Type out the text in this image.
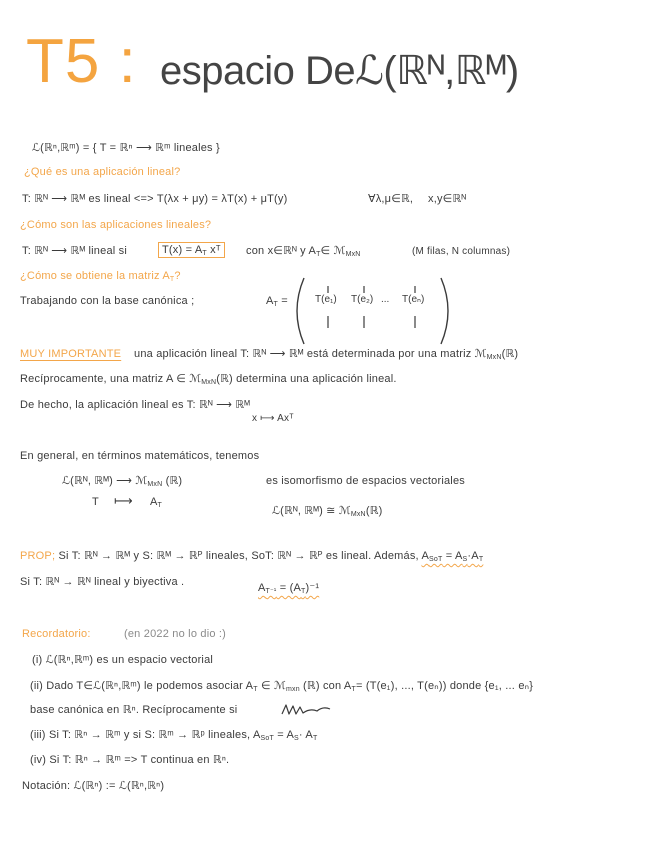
T5 : espacio Deℒ(ℝᴺ,ℝᴹ)
ℒ(ℝⁿ,ℝᵐ) = { T = ℝⁿ ⟶ ℝᵐ lineales }
¿Qué es una aplicación lineal?
T: ℝᴺ ⟶ ℝᴹ es lineal <=> T(λx + μy) = λT(x) + μT(y)	∀λ,μ∈ℝ, x,y∈ℝᴺ
¿Cómo son las aplicaciones lineales?
T: ℝᴺ ⟶ ℝᴹ lineal si	$T(x) = A_T$ xᵀ	con x∈ℝᴺ y $A_T\in$ ℳ$_{MxN}$	(M filas, N columnas)
¿Cómo se obtiene la matriz $A_T$?
Trabajando con la base canónica ;	$A_T$ =	T(e₁) T(e₂) ... T(eₙ)
MUY IMPORTANTE una aplicación lineal T: ℝᴺ ⟶ ℝᴹ está determinada por una matriz ℳ$_{MxN}$(ℝ)
Recíprocamente, una matriz A ∈ ℳ$_{MxN}$(ℝ) determina una aplicación lineal.
De hecho, la aplicación lineal es T: ℝᴺ ⟶ ℝᴹ
x ⟼ Axᵀ
En general, en términos matemáticos, tenemos
ℒ(ℝᴺ, ℝᴹ) ⟶ ℳ$_{MxN}$ (ℝ)	es isomorfismo de espacios vectoriales
T ⟼ $A_T$	ℒ(ℝᴺ, ℝᴹ) ≅ ℳ$_{MxN}$(ℝ)
PROP; Si T: ℝᴺ → ℝᴹ y S: ℝᴹ → ℝᴾ lineales, SoT: ℝᴺ → ℝᴾ es lineal. Además, $A_{SoT} = A_S\cdot A_T$
Si T: ℝᴺ → ℝᴺ lineal y biyectiva .	$A_{T^{-1}} = (A_T)^{-1}$
Recordatorio:	(en 2022 no lo dio :)
(i) ℒ(ℝⁿ,ℝᵐ) es un espacio vectorial
(ii) Dado T∈ℒ(ℝⁿ,ℝᵐ) le podemos asociar $A_T$ ∈ ℳ$_{mxn}$ (ℝ) con $A_T= (T(e_1)$, ..., T(eₙ)) donde {e₁, ... eₙ}
base canónica en ℝⁿ. Recíprocamente si
(iii) Si T: ℝⁿ → ℝᵐ y si S: ℝᵐ → ℝᵖ lineales, $A_{SoT} = A_S\cdot A_T$
(iv) Si T: ℝⁿ → ℝᵐ => T continua en ℝⁿ.
Notación: ℒ(ℝⁿ) := ℒ(ℝⁿ,ℝⁿ)
